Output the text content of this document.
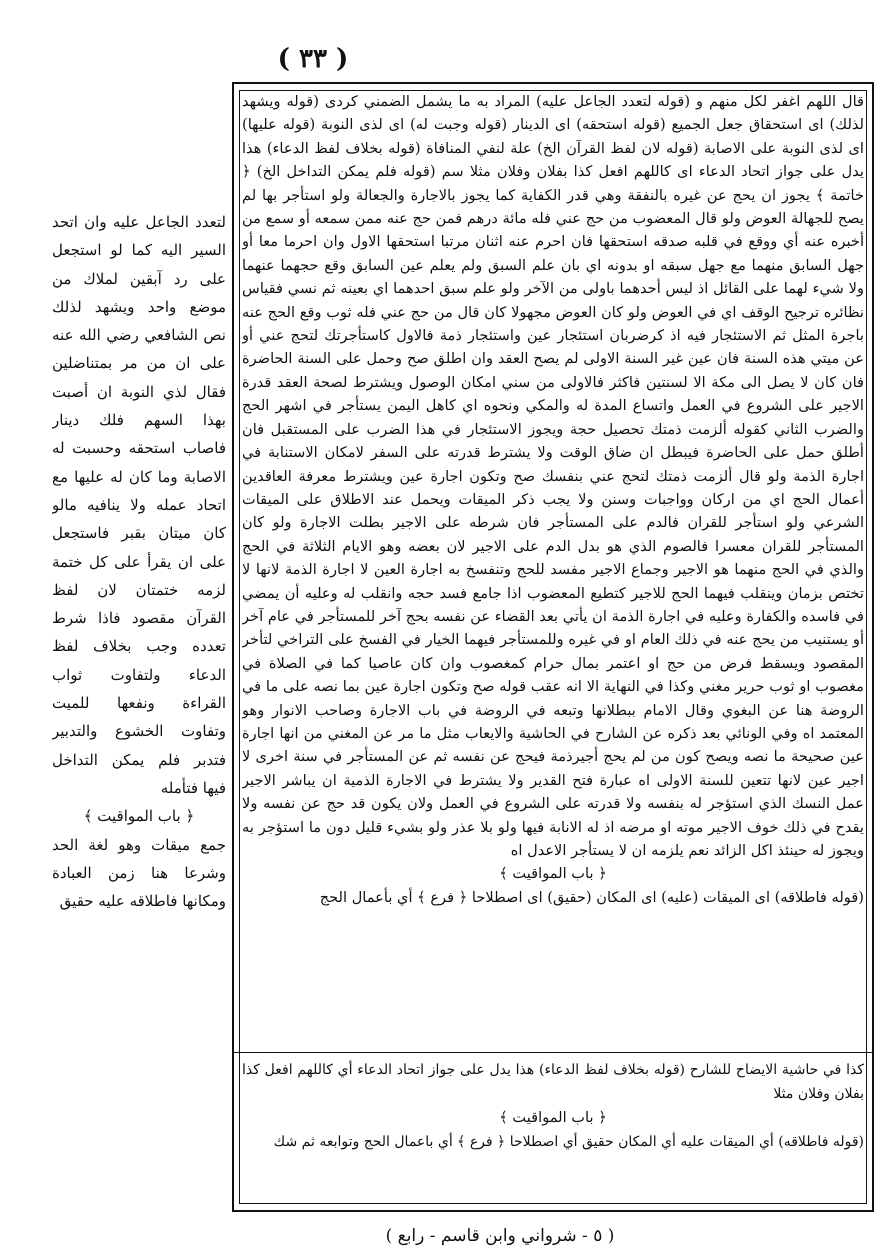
( ٣٣ )

لتعدد الجاعل عليه وان اتحد السير اليه كما لو استجعل على رد آبقين لملاك من موضع واحد ويشهد لذلك نص الشافعي رضي الله عنه على ان من مر بمتناضلين فقال لذي النوبة ان أصبت بهذا السهم فلك دينار فاصاب استحقه وحسبت له الاصابة وما كان له عليها مع اتحاد عمله ولا ينافيه مالو كان ميتان بقبر فاستجعل على ان يقرأ على كل ختمة لزمه ختمتان لان لفظ القرآن مقصود فاذا شرط تعدده وجب بخلاف لفظ الدعاء ولتفاوت ثواب القراءة ونفعها للميت وتفاوت الخشوع والتدبير فتدبر فلم يمكن التداخل فيها فتأمله

﴿ باب المواقيت ﴾

جمع ميقات وهو لغة الحد وشرعا هنا زمن العبادة ومكانها فاطلاقه عليه حقيق

قال اللهم اغفر لكل منهم و (قوله لتعدد الجاعل عليه) المراد به ما يشمل الضمني كردى (قوله ويشهد لذلك) اى استحقاق جعل الجميع (قوله استحقه) اى الدينار (قوله وجبت له) اى لذى النوبة (قوله عليها) اى لذى النوبة على الاصابة (قوله لان لفظ القرآن الخ) علة لنفي المنافاة (قوله بخلاف لفظ الدعاء) هذا يدل على جواز اتحاد الدعاء اى كاللهم افعل كذا بفلان وفلان مثلا سم (قوله فلم يمكن التداخل الخ) ﴿ خاتمة ﴾ يجوز ان يحج عن غيره بالنفقة وهي قدر الكفاية كما يجوز بالاجارة والجعالة ولو استأجر بها لم يصح للجهالة العوض ولو قال المعضوب من حج عني فله مائة درهم فمن حج عنه ممن سمعه أو سمع من أخبره عنه أي ووقع في قلبه صدقه استحقها فان احرم عنه اثنان مرتبا استحقها الاول وان احرما معا أو جهل السابق منهما مع جهل سبقه او بدونه اي بان علم السبق ولم يعلم عين السابق وقع حجهما عنهما ولا شيء لهما على القائل اذ ليس أحدهما باولى من الآخر ولو علم سبق احدهما اي بعينه ثم نسي فقياس نظائره ترجيح الوقف اي في العوض ولو كان العوض مجهولا كان قال من حج عني فله ثوب وقع الحج عنه باجرة المثل ثم الاستئجار فيه اذ كرضربان استئجار عين واستئجار ذمة فالاول كاستأجرتك لتحج عني أو عن ميتي هذه السنة فان عين غير السنة الاولى لم يصح العقد وان اطلق صح وحمل على السنة الحاضرة فان كان لا يصل الى مكة الا لسنتين فاكثر فالاولى من سني امكان الوصول ويشترط لصحة العقد قدرة الاجير على الشروع في العمل واتساع المدة له والمكي ونحوه اي كاهل اليمن يستأجر في اشهر الحج والضرب الثاني كقوله ألزمت ذمتك تحصيل حجة ويجوز الاستئجار في هذا الضرب على المستقبل فان أطلق حمل على الحاضرة فيبطل ان ضاق الوقت ولا يشترط قدرته على السفر لامكان الاستنابة في اجارة الذمة ولو قال ألزمت ذمتك لتحج عني بنفسك صح وتكون اجارة عين ويشترط معرفة العاقدين أعمال الحج اي من اركان وواجبات وسنن ولا يجب ذكر الميقات ويحمل عند الاطلاق على الميقات الشرعي ولو استأجر للقران فالدم على المستأجر فان شرطه على الاجير بطلت الاجارة ولو كان المستأجر للقران معسرا فالصوم الذي هو بدل الدم على الاجير لان بعضه وهو الايام الثلاثة في الحج والذي في الحج منهما هو الاجير وجماع الاجير مفسد للحج وتنفسخ به اجارة العين لا اجارة الذمة لانها لا تختص بزمان وينقلب فيهما الحج للاجير كتطيع المعضوب اذا جامع فسد حجه وانقلب له وعليه أن يمضي في فاسده والكفارة وعليه في اجارة الذمة ان يأتي بعد القضاء عن نفسه بحج آخر للمستأجر في عام آخر أو يستنيب من يحج عنه في ذلك العام او في غيره وللمستأجر فيهما الخيار في الفسخ على التراخي لتأخر المقصود ويسقط فرض من حج او اعتمر بمال حرام كمغصوب وان كان عاصيا كما في الصلاة في مغصوب او ثوب حرير مغني وكذا في النهاية الا انه عقب قوله صح وتكون اجارة عين بما نصه على ما في الروضة هنا عن البغوي وقال الامام ببطلانها وتبعه في الروضة في باب الاجارة وصاحب الانوار وهو المعتمد اه وفي الونائي بعد ذكره عن الشارح في الحاشية والايعاب مثل ما مر عن المغني من انها اجارة عين صحيحة ما نصه ويصح كون من لم يحج أجيرذمة فيحج عن نفسه ثم عن المستأجر في سنة اخرى لا اجير عين لانها تتعين للسنة الاولى اه عبارة فتح القدير ولا يشترط في الاجارة الذمية ان يباشر الاجير عمل النسك الذي استؤجر له بنفسه ولا قدرته على الشروع في العمل ولان يكون قد حج عن نفسه ولا يقدح في ذلك خوف الاجير موته او مرضه اذ له الانابة فيها ولو بلا عذر ولو بشيء قليل دون ما استؤجر به ويجوز له حينئذ اكل الزائد نعم يلزمه ان لا يستأجر الاعدل اه

﴿ باب المواقيت ﴾

(قوله فاطلاقه) اى الميقات (عليه) اى المكان (حقيق) اى اصطلاحا ﴿ فرع ﴾ أي بأعمال الحج

كذا في حاشية الايضاح للشارح (قوله بخلاف لفظ الدعاء) هذا يدل على جواز اتحاد الدعاء أي كاللهم افعل كذا بفلان وفلان مثلا

﴿ باب المواقيت ﴾

(قوله فاطلاقه) أي الميقات عليه أي المكان حقيق أي اصطلاحا ﴿ فرع ﴾ أي باعمال الحج وتوابعه ثم شك

( ٥ - شرواني وابن قاسم - رابع )
